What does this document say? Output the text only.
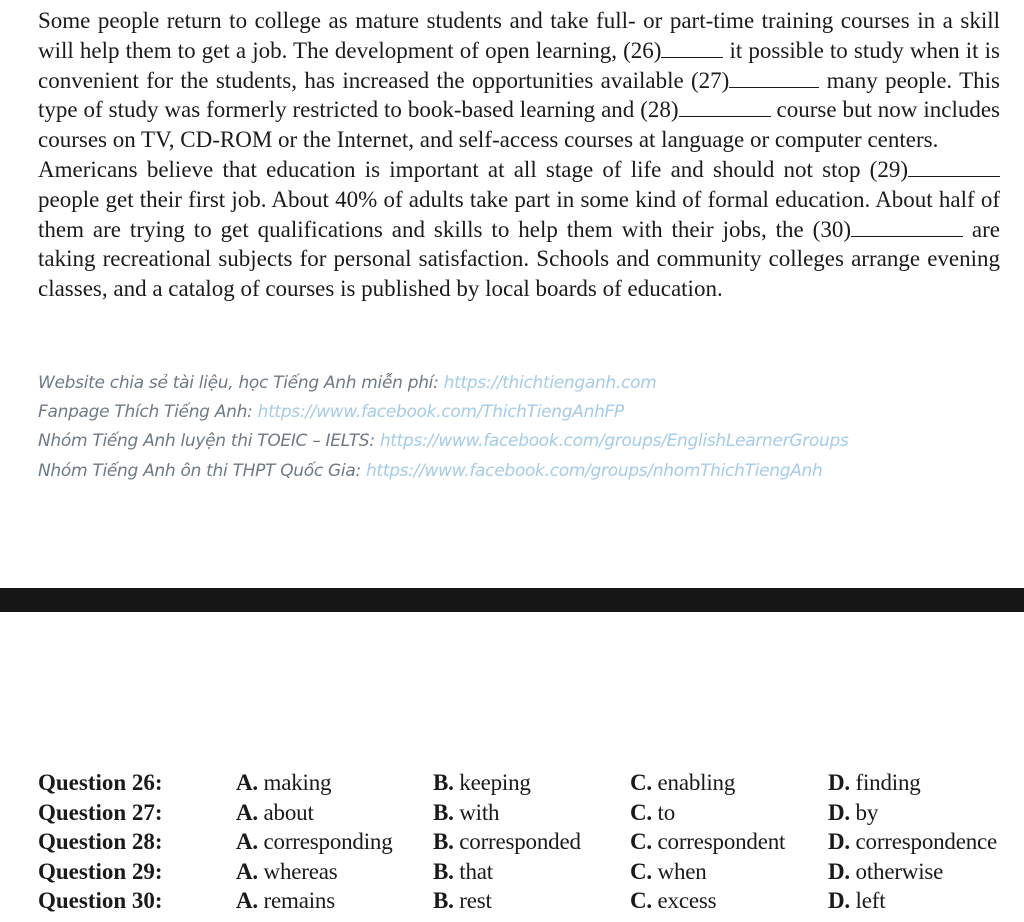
Some people return to college as mature students and take full- or part-time training courses in a skill will help them to get a job. The development of open learning, (26)	it possible to study when it is convenient for the students, has increased the opportunities available (27)	many people. This type of study was formerly restricted to book-based learning and (28)	course but now includes courses on TV, CD-ROM or the Internet, and self-access courses at language or computer centers.

Americans believe that education is important at all stage of life and should not stop (29) people get their first job. About 40% of adults take part in some kind of formal education. About half of them are trying to get qualifications and skills to help them with their jobs, the (30)	are taking recreational subjects for personal satisfaction. Schools and community colleges arrange evening classes, and a catalog of courses is published by local boards of education.

Website chia sẻ tài liệu, học Tiếng Anh miễn phí: https://thichtienganh.com
Fanpage Thích Tiếng Anh: https://www.facebook.com/ThichTiengAnhFP
Nhóm Tiếng Anh luyện thi TOEIC – IELTS: https://www.facebook.com/groups/EnglishLearnerGroups
Nhóm Tiếng Anh ôn thi THPT Quốc Gia: https://www.facebook.com/groups/nhomThichTiengAnh
Question 26:	A. making	B. keeping	C. enabling	D. finding
Question 27:	A. about	B. with	C. to	D. by
Question 28:	A. corresponding B. corresponded C. correspondent D. correspondence
Question 29:	A. whereas	B. that	C. when	D. otherwise
Question 30:	A. remains	B. rest	C. excess	D. left
